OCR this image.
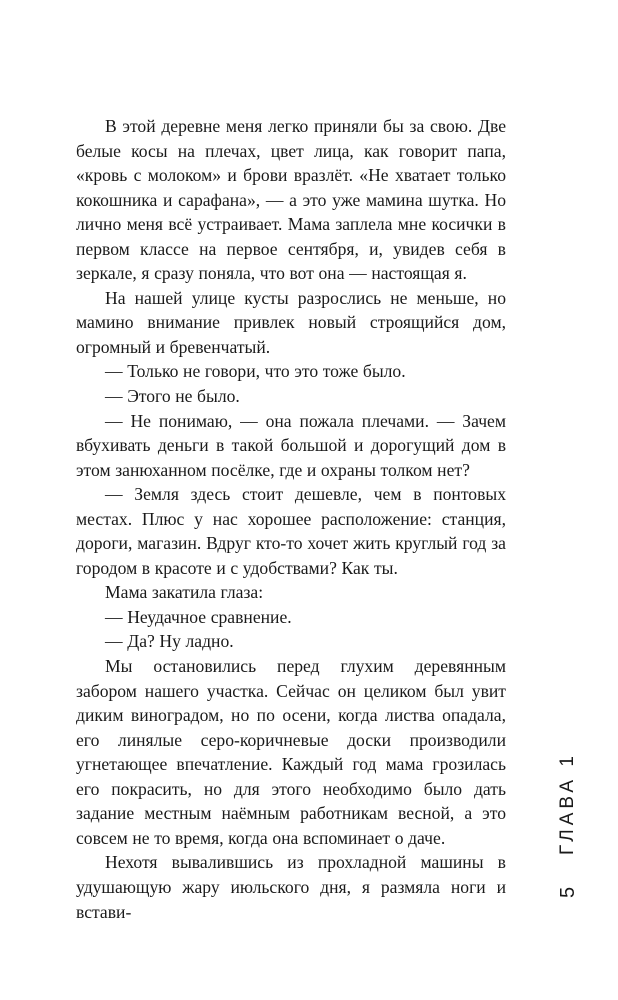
В этой деревне меня легко приняли бы за свою. Две белые косы на плечах, цвет лица, как говорит папа, «кровь с молоком» и брови вразлёт. «Не хватает только кокошника и сарафана», — а это уже мамина шутка. Но лично меня всё устраивает. Мама заплела мне косички в первом классе на первое сентября, и, увидев себя в зеркале, я сразу поняла, что вот она — настоящая я.

На нашей улице кусты разрослись не меньше, но мамино внимание привлек новый строящийся дом, огромный и бревенчатый.

— Только не говори, что это тоже было.

— Этого не было.

— Не понимаю, — она пожала плечами. — Зачем вбухивать деньги в такой большой и дорогущий дом в этом занюханном посёлке, где и охраны толком нет?

— Земля здесь стоит дешевле, чем в понтовых местах. Плюс у нас хорошее расположение: станция, дороги, магазин. Вдруг кто-то хочет жить круглый год за городом в красоте и с удобствами? Как ты.

Мама закатила глаза:

— Неудачное сравнение.

— Да? Ну ладно.

Мы остановились перед глухим деревянным забором нашего участка. Сейчас он целиком был увит диким виноградом, но по осени, когда листва опадала, его линялые серо-коричневые доски производили угнетающее впечатление. Каждый год мама грозилась его покрасить, но для этого необходимо было дать задание местным наёмным работникам весной, а это совсем не то время, когда она вспоминает о даче.

Нехотя вывалившись из прохладной машины в удушающую жару июльского дня, я размяла ноги и встави-

ГЛАВА 1
5
